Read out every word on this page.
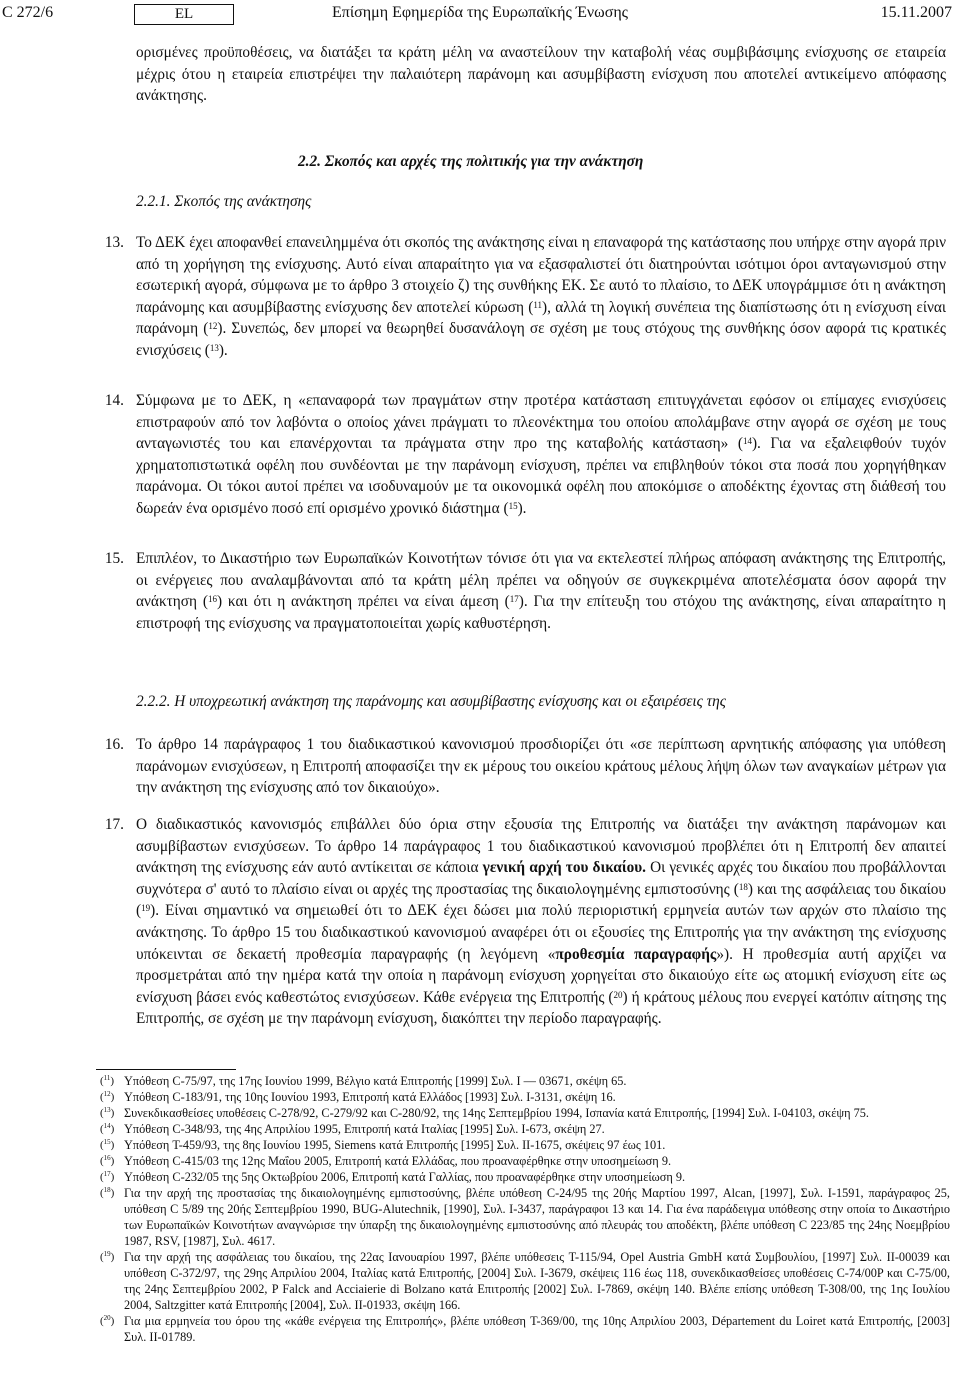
C 272/6	EL	Επίσημη Εφημερίδα της Ευρωπαϊκής Ένωσης	15.11.2007

ορισμένες προϋποθέσεις, να διατάξει τα κράτη μέλη να αναστείλουν την καταβολή νέας συμβιβάσιμης ενίσχυσης σε εταιρεία μέχρις ότου η εταιρεία επιστρέψει την παλαιότερη παράνομη και ασυμβίβαστη ενίσχυση που αποτελεί αντικείμενο απόφασης ανάκτησης.

2.2. Σκοπός και αρχές της πολιτικής για την ανάκτηση
2.2.1. Σκοπός της ανάκτησης
13. Το ΔΕΚ έχει αποφανθεί επανειλημμένα ότι σκοπός της ανάκτησης είναι η επαναφορά της κατάστασης που υπήρχε στην αγορά πριν από τη χορήγηση της ενίσχυσης. Αυτό είναι απαραίτητο για να εξασφαλιστεί ότι διατηρούνται ισότιμοι όροι ανταγωνισμού στην εσωτερική αγορά, σύμφωνα με το άρθρο 3 στοιχείο ζ) της συνθήκης ΕΚ. Σε αυτό το πλαίσιο, το ΔΕΚ υπογράμμισε ότι η ανάκτηση παράνομης και ασυμβίβαστης ενίσχυσης δεν αποτελεί κύρωση ($^{11}$), αλλά τη λογική συνέπεια της διαπίστωσης ότι η ενίσχυση είναι παράνομη ($^{12}$). Συνεπώς, δεν μπορεί να θεωρηθεί δυσανάλογη σε σχέση με τους στόχους της συνθήκης όσον αφορά τις κρατικές ενισχύσεις ($^{13}$).

14. Σύμφωνα με το ΔΕΚ, η «επαναφορά των πραγμάτων στην προτέρα κατάσταση επιτυγχάνεται εφόσον οι επίμαχες ενισχύσεις επιστραφούν από τον λαβόντα ο οποίος χάνει πράγματι το πλεονέκτημα του οποίου απολάμβανε στην αγορά σε σχέση με τους ανταγωνιστές του και επανέρχονται τα πράγματα στην προ της καταβολής κατάσταση» ($^{14}$). Για να εξαλειφθούν τυχόν χρηματοπιστωτικά οφέλη που συνδέονται με την παράνομη ενίσχυση, πρέπει να επιβληθούν τόκοι στα ποσά που χορηγήθηκαν παράνομα. Οι τόκοι αυτοί πρέπει να ισοδυναμούν με τα οικονομικά οφέλη που αποκόμισε ο αποδέκτης έχοντας στη διάθεσή του δωρεάν ένα ορισμένο ποσό επί ορισμένο χρονικό διάστημα ($^{15}$).

15. Επιπλέον, το Δικαστήριο των Ευρωπαϊκών Κοινοτήτων τόνισε ότι για να εκτελεστεί πλήρως απόφαση ανάκτησης της Επιτροπής, οι ενέργειες που αναλαμβάνονται από τα κράτη μέλη πρέπει να οδηγούν σε συγκεκριμένα αποτελέσματα όσον αφορά την ανάκτηση ($^{16}$) και ότι η ανάκτηση πρέπει να είναι άμεση ($^{17}$). Για την επίτευξη του στόχου της ανάκτησης, είναι απαραίτητο η επιστροφή της ενίσχυσης να πραγματοποιείται χωρίς καθυστέρηση.

2.2.2. Η υποχρεωτική ανάκτηση της παράνομης και ασυμβίβαστης ενίσχυσης και οι εξαιρέσεις της
16. Το άρθρο 14 παράγραφος 1 του διαδικαστικού κανονισμού προσδιορίζει ότι «σε περίπτωση αρνητικής απόφασης για υπόθεση παράνομων ενισχύσεων, η Επιτροπή αποφασίζει την εκ μέρους του οικείου κράτους μέλους λήψη όλων των αναγκαίων μέτρων για την ανάκτηση της ενίσχυσης από τον δικαιούχο».

17. Ο διαδικαστικός κανονισμός επιβάλλει δύο όρια στην εξουσία της Επιτροπής να διατάξει την ανάκτηση παράνομων και ασυμβίβαστων ενισχύσεων. Το άρθρο 14 παράγραφος 1 του διαδικαστικού κανονισμού προβλέπει ότι η Επιτροπή δεν απαιτεί ανάκτηση της ενίσχυσης εάν αυτό αντίκειται σε κάποια γενική αρχή του δικαίου. Οι γενικές αρχές του δικαίου που προβάλλονται συχνότερα σ' αυτό το πλαίσιο είναι οι αρχές της προστασίας της δικαιολογημένης εμπιστοσύνης ($^{18}$) και της ασφάλειας του δικαίου ($^{19}$). Είναι σημαντικό να σημειωθεί ότι το ΔΕΚ έχει δώσει μια πολύ περιοριστική ερμηνεία αυτών των αρχών στο πλαίσιο της ανάκτησης. Το άρθρο 15 του διαδικαστικού κανονισμού αναφέρει ότι οι εξουσίες της Επιτροπής για την ανάκτηση της ενίσχυσης υπόκεινται σε δεκαετή προθεσμία παραγραφής (η λεγόμενη «προθεσμία παραγραφής»). Η προθεσμία αυτή αρχίζει να προσμετράται από την ημέρα κατά την οποία η παράνομη ενίσχυση χορηγείται στο δικαιούχο είτε ως ατομική ενίσχυση είτε ως ενίσχυση βάσει ενός καθεστώτος ενισχύσεων. Κάθε ενέργεια της Επιτροπής ($^{20}$) ή κράτους μέλους που ενεργεί κατόπιν αίτησης της Επιτροπής, σε σχέση με την παράνομη ενίσχυση, διακόπτει την περίοδο παραγραφής.

($^{11}$) Υπόθεση C-75/97, της 17ης Ιουνίου 1999, Βέλγιο κατά Επιτροπής [1999] Συλ. I — 03671, σκέψη 65.
($^{12}$) Υπόθεση C-183/91, της 10ης Ιουνίου 1993, Επιτροπή κατά Ελλάδος [1993] Συλ. I-3131, σκέψη 16.
($^{13}$) Συνεκδικασθείσες υποθέσεις C-278/92, C-279/92 και C-280/92, της 14ης Σεπτεμβρίου 1994, Ισπανία κατά Επιτροπής, [1994] Συλ. I-04103, σκέψη 75.
($^{14}$) Υπόθεση C-348/93, της 4ης Απριλίου 1995, Επιτροπή κατά Ιταλίας [1995] Συλ. I-673, σκέψη 27.
($^{15}$) Υπόθεση T-459/93, της 8ης Ιουνίου 1995, Siemens κατά Επιτροπής [1995] Συλ. II-1675, σκέψεις 97 έως 101.
($^{16}$) Υπόθεση C-415/03 της 12ης Μαΐου 2005, Επιτροπή κατά Ελλάδας, που προαναφέρθηκε στην υποσημείωση 9.
($^{17}$) Υπόθεση C-232/05 της 5ης Οκτωβρίου 2006, Επιτροπή κατά Γαλλίας, που προαναφέρθηκε στην υποσημείωση 9.
($^{18}$) Για την αρχή της προστασίας της δικαιολογημένης εμπιστοσύνης, βλέπε υπόθεση C-24/95 της 20ής Μαρτίου 1997, Alcan, [1997], Συλ. I-1591, παράγραφος 25, υπόθεση C 5/89 της 20ής Σεπτεμβρίου 1990, BUG-Alutechnik, [1990], Συλ. I-3437, παράγραφοι 13 και 14. Για ένα παράδειγμα υπόθεσης στην οποία το Δικαστήριο των Ευρωπαϊκών Κοινοτήτων αναγνώρισε την ύπαρξη της δικαιολογημένης εμπιστοσύνης από πλευράς του αποδέκτη, βλέπε υπόθεση C 223/85 της 24ης Νοεμβρίου 1987, RSV, [1987], Συλ. 4617.
($^{19}$) Για την αρχή της ασφάλειας του δικαίου, της 22ας Ιανουαρίου 1997, βλέπε υπόθεσεις T-115/94, Opel Austria GmbH κατά Συμβουλίου, [1997] Συλ. II-00039 και υπόθεση C-372/97, της 29ης Απριλίου 2004, Ιταλίας κατά Επιτροπής, [2004] Συλ. I-3679, σκέψεις 116 έως 118, συνεκδικασθείσες υποθέσεις C-74/00P και C-75/00, της 24ης Σεπτεμβρίου 2002, P Falck and Acciaierie di Bolzano κατά Επιτροπής [2002] Συλ. I-7869, σκέψη 140. Βλέπε επίσης υπόθεση T-308/00, της 1ης Ιουλίου 2004, Saltzgitter κατά Επιτροπής [2004], Συλ. II-01933, σκέψη 166.
($^{20}$) Για μια ερμηνεία του όρου της «κάθε ενέργεια της Επιτροπής», βλέπε υπόθεση T-369/00, της 10ης Απριλίου 2003, Département du Loiret κατά Επιτροπής, [2003] Συλ. II-01789.
